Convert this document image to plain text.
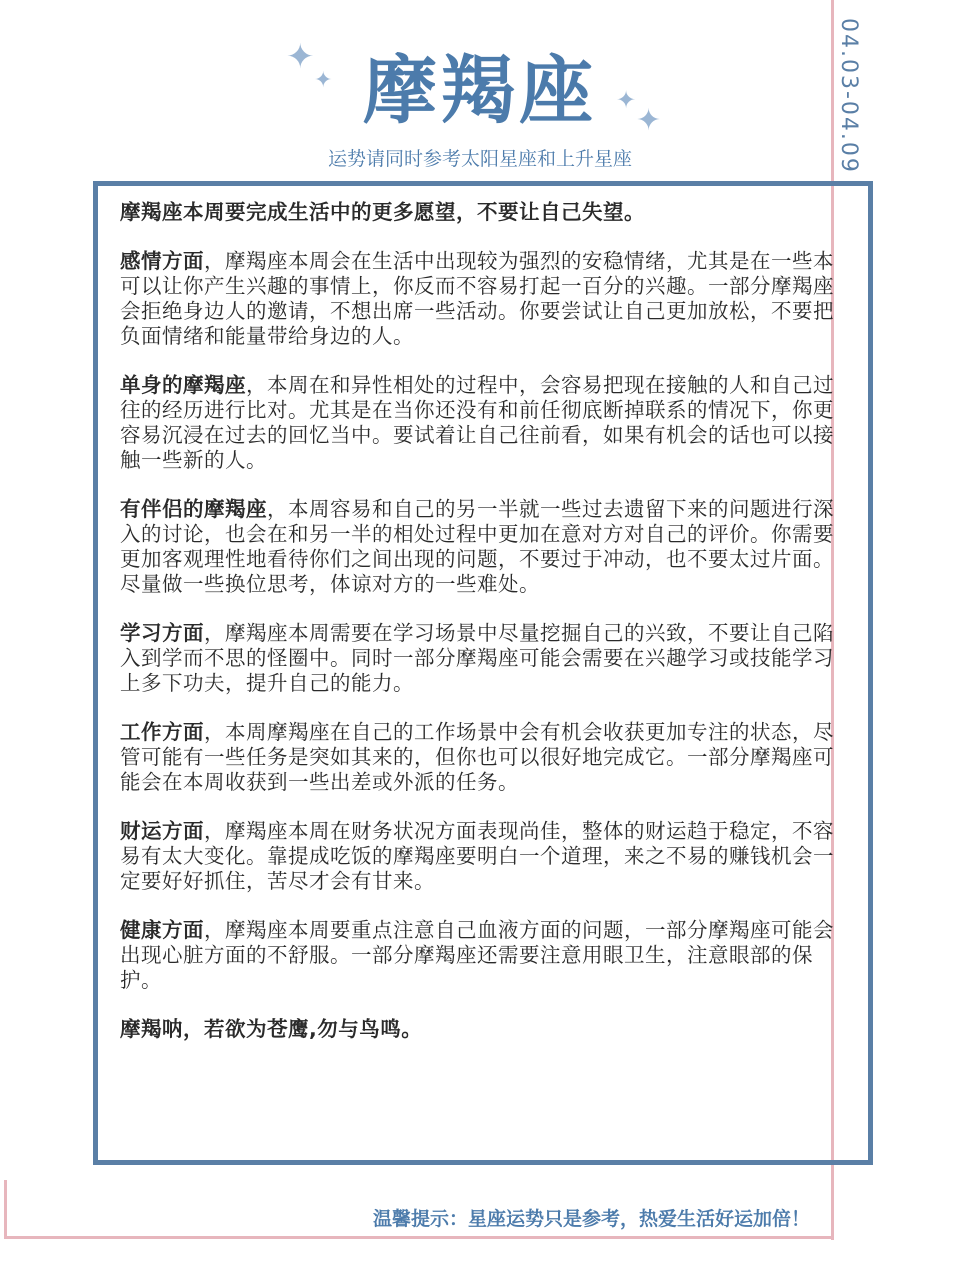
04.03-04.09
✦
✦
✦
✦
摩羯座
运势请同时参考太阳星座和上升星座

摩羯座本周要完成生活中的更多愿望，不要让自己失望。

感情方面，摩羯座本周会在生活中出现较为强烈的安稳情绪，尤其是在一些本可以让你产生兴趣的事情上，你反而不容易打起一百分的兴趣。一部分摩羯座会拒绝身边人的邀请，不想出席一些活动。你要尝试让自己更加放松，不要把负面情绪和能量带给身边的人。

单身的摩羯座，本周在和异性相处的过程中，会容易把现在接触的人和自己过往的经历进行比对。尤其是在当你还没有和前任彻底断掉联系的情况下，你更容易沉浸在过去的回忆当中。要试着让自己往前看，如果有机会的话也可以接触一些新的人。

有伴侣的摩羯座，本周容易和自己的另一半就一些过去遗留下来的问题进行深入的讨论，也会在和另一半的相处过程中更加在意对方对自己的评价。你需要更加客观理性地看待你们之间出现的问题，不要过于冲动，也不要太过片面。尽量做一些换位思考，体谅对方的一些难处。

学习方面，摩羯座本周需要在学习场景中尽量挖掘自己的兴致，不要让自己陷入到学而不思的怪圈中。同时一部分摩羯座可能会需要在兴趣学习或技能学习上多下功夫，提升自己的能力。

工作方面，本周摩羯座在自己的工作场景中会有机会收获更加专注的状态，尽管可能有一些任务是突如其来的，但你也可以很好地完成它。一部分摩羯座可能会在本周收获到一些出差或外派的任务。

财运方面，摩羯座本周在财务状况方面表现尚佳，整体的财运趋于稳定，不容易有太大变化。靠提成吃饭的摩羯座要明白一个道理，来之不易的赚钱机会一定要好好抓住，苦尽才会有甘来。

健康方面，摩羯座本周要重点注意自己血液方面的问题，一部分摩羯座可能会出现心脏方面的不舒服。一部分摩羯座还需要注意用眼卫生，注意眼部的保护。

摩羯呐，若欲为苍鹰,勿与鸟鸣。

温馨提示：星座运势只是参考，热爱生活好运加倍！
